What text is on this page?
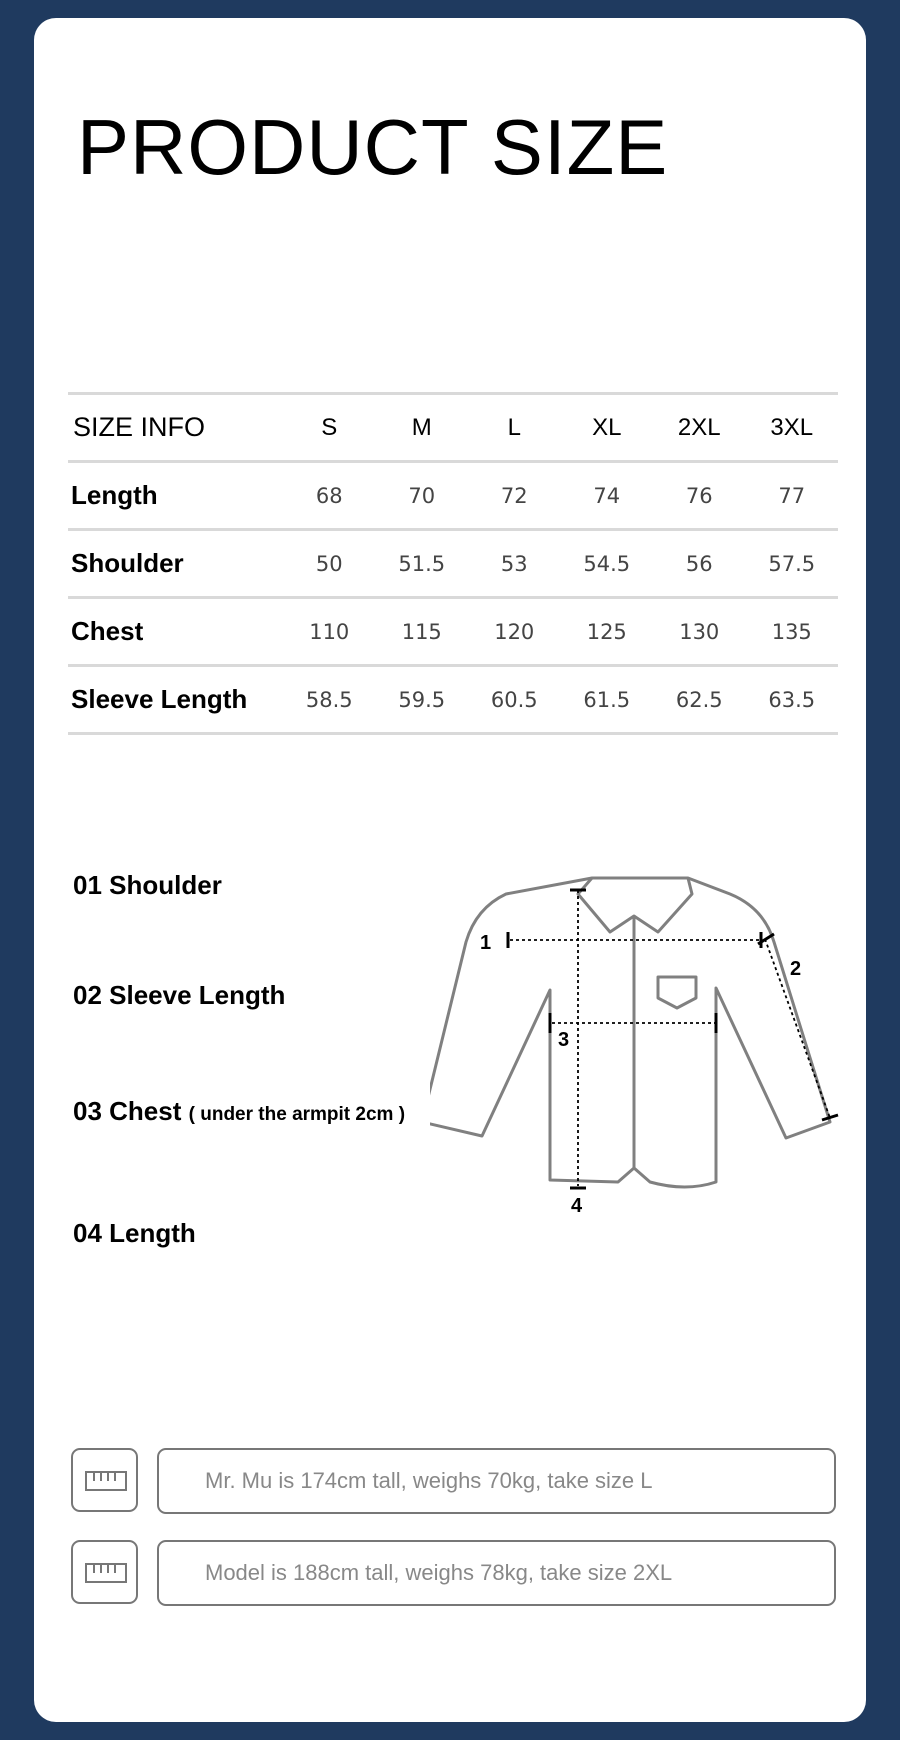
PRODUCT SIZE
SIZE INFO	S	M	L	XL	2XL	3XL
Length	68	70	72	74	76	77
Shoulder	50	51.5	53	54.5	56	57.5
Chest	110	115	120	125	130	135
Sleeve Length	58.5	59.5	60.5	61.5	62.5	63.5

01 Shoulder

02 Sleeve Length

03 Chest ( under the armpit 2cm )

04 Length

1
2
3
4
Mr. Mu is 174cm tall, weighs 70kg, take size L
Model is 188cm tall, weighs 78kg, take size 2XL
